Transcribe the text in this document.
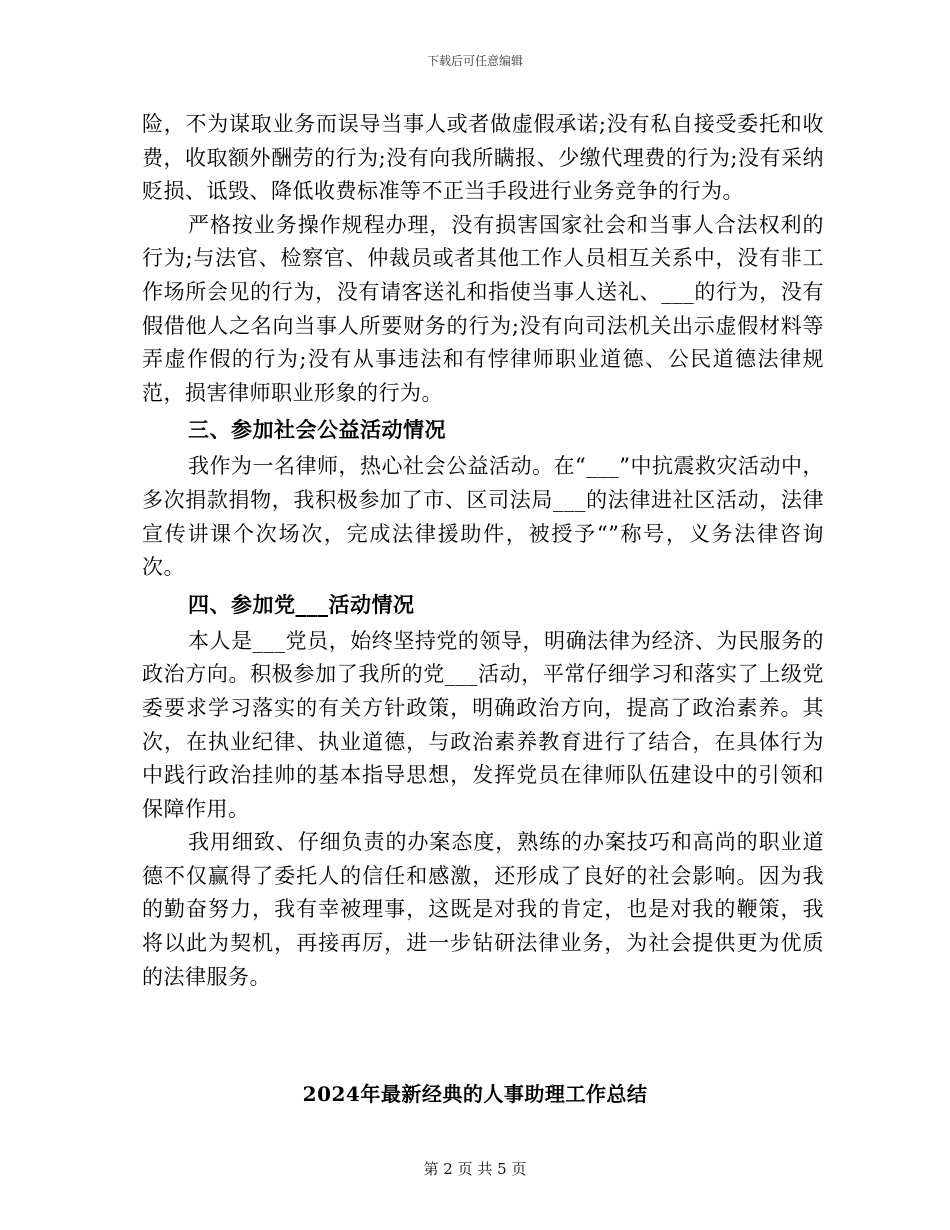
下载后可任意编辑

险，不为谋取业务而误导当事人或者做虚假承诺;没有私自接受委托和收费，收取额外酬劳的行为;没有向我所瞒报、少缴代理费的行为;没有采纳贬损、诋毁、降低收费标准等不正当手段进行业务竞争的行为。

严格按业务操作规程办理，没有损害国家社会和当事人合法权利的行为;与法官、检察官、仲裁员或者其他工作人员相互关系中，没有非工作场所会见的行为，没有请客送礼和指使当事人送礼、___的行为，没有假借他人之名向当事人所要财务的行为;没有向司法机关出示虚假材料等弄虚作假的行为;没有从事违法和有悖律师职业道德、公民道德法律规范，损害律师职业形象的行为。

三、参加社会公益活动情况

我作为一名律师，热心社会公益活动。在“___”中抗震救灾活动中，多次捐款捐物，我积极参加了市、区司法局___的法律进社区活动，法律宣传讲课个次场次，完成法律援助件，被授予“”称号，义务法律咨询次。

四、参加党___活动情况

本人是___党员，始终坚持党的领导，明确法律为经济、为民服务的政治方向。积极参加了我所的党___活动，平常仔细学习和落实了上级党委要求学习落实的有关方针政策，明确政治方向，提高了政治素养。其次，在执业纪律、执业道德，与政治素养教育进行了结合，在具体行为中践行政治挂帅的基本指导思想，发挥党员在律师队伍建设中的引领和保障作用。

我用细致、仔细负责的办案态度，熟练的办案技巧和高尚的职业道德不仅赢得了委托人的信任和感激，还形成了良好的社会影响。因为我的勤奋努力，我有幸被理事，这既是对我的肯定，也是对我的鞭策，我将以此为契机，再接再厉，进一步钻研法律业务，为社会提供更为优质的法律服务。

2024年最新经典的人事助理工作总结
第 2 页 共 5 页
